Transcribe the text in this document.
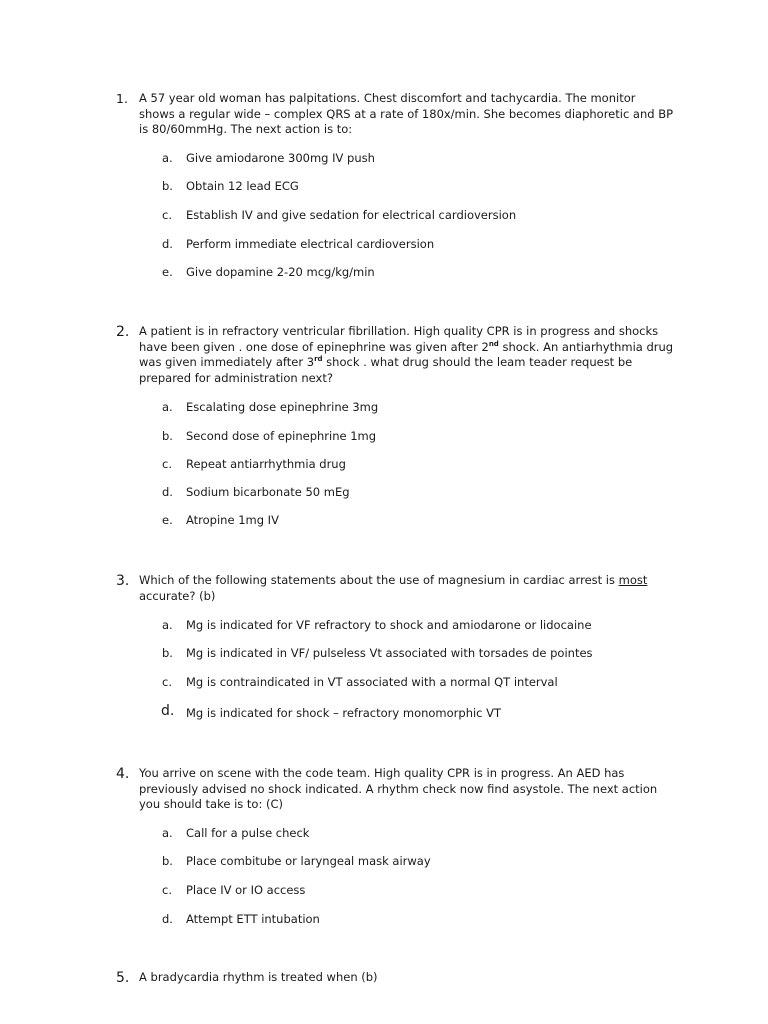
1. A 57 year old woman has palpitations. Chest discomfort and tachycardia. The monitor shows a regular wide – complex QRS at a rate of 180x/min. She becomes diaphoretic and BP is 80/60mmHg. The next action is to:
a. Give amiodarone 300mg IV push
b. Obtain 12 lead ECG
c. Establish IV and give sedation for electrical cardioversion
d. Perform immediate electrical cardioversion
e. Give dopamine 2-20 mcg/kg/min
2. A patient is in refractory ventricular fibrillation. High quality CPR is in progress and shocks have been given . one dose of epinephrine was given after 2nd shock. An antiarhythmia drug was given immediately after 3rd shock . what drug should the leam teader request be prepared for administration next?
a. Escalating dose epinephrine 3mg
b. Second dose of epinephrine 1mg
c. Repeat antiarrhythmia drug
d. Sodium bicarbonate 50 mEg
e. Atropine 1mg IV
3. Which of the following statements about the use of magnesium in cardiac arrest is most
accurate? (b)
a. Mg is indicated for VF refractory to shock and amiodarone or lidocaine
b. Mg is indicated in VF/ pulseless Vt associated with torsades de pointes
c. Mg is contraindicated in VT associated with a normal QT interval
d. Mg is indicated for shock – refractory monomorphic VT
4. You arrive on scene with the code team. High quality CPR is in progress. An AED has previously advised no shock indicated. A rhythm check now find asystole. The next action you should take is to: (C)
a. Call for a pulse check
b. Place combitube or laryngeal mask airway
c. Place IV or IO access
d. Attempt ETT intubation
5. A bradycardia rhythm is treated when (b)
